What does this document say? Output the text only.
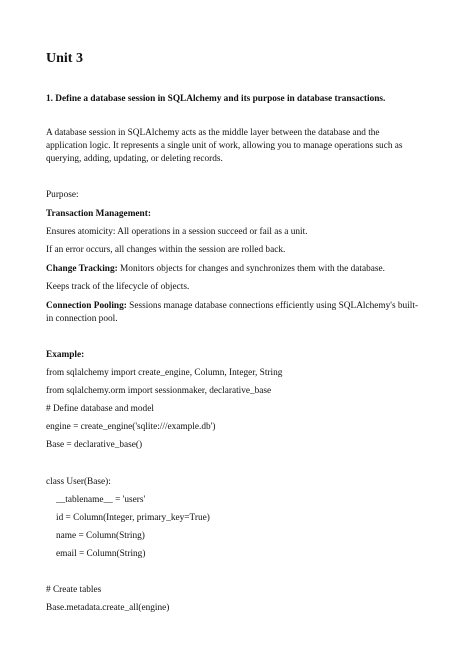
Unit 3
1. Define a database session in SQLAlchemy and its purpose in database transactions.
A database session in SQLAlchemy acts as the middle layer between the database and the
application logic. It represents a single unit of work, allowing you to manage operations such as
querying, adding, updating, or deleting records.
Purpose:
Transaction Management:
Ensures atomicity: All operations in a session succeed or fail as a unit.
If an error occurs, all changes within the session are rolled back.
Change Tracking: Monitors objects for changes and synchronizes them with the database.
Keeps track of the lifecycle of objects.
Connection Pooling: Sessions manage database connections efficiently using SQLAlchemy's built-
in connection pool.
Example:
from sqlalchemy import create_engine, Column, Integer, String
from sqlalchemy.orm import sessionmaker, declarative_base
# Define database and model
engine = create_engine('sqlite:///example.db')
Base = declarative_base()
class User(Base):
__tablename__ = 'users'
id = Column(Integer, primary_key=True)
name = Column(String)
email = Column(String)
# Create tables
Base.metadata.create_all(engine)
